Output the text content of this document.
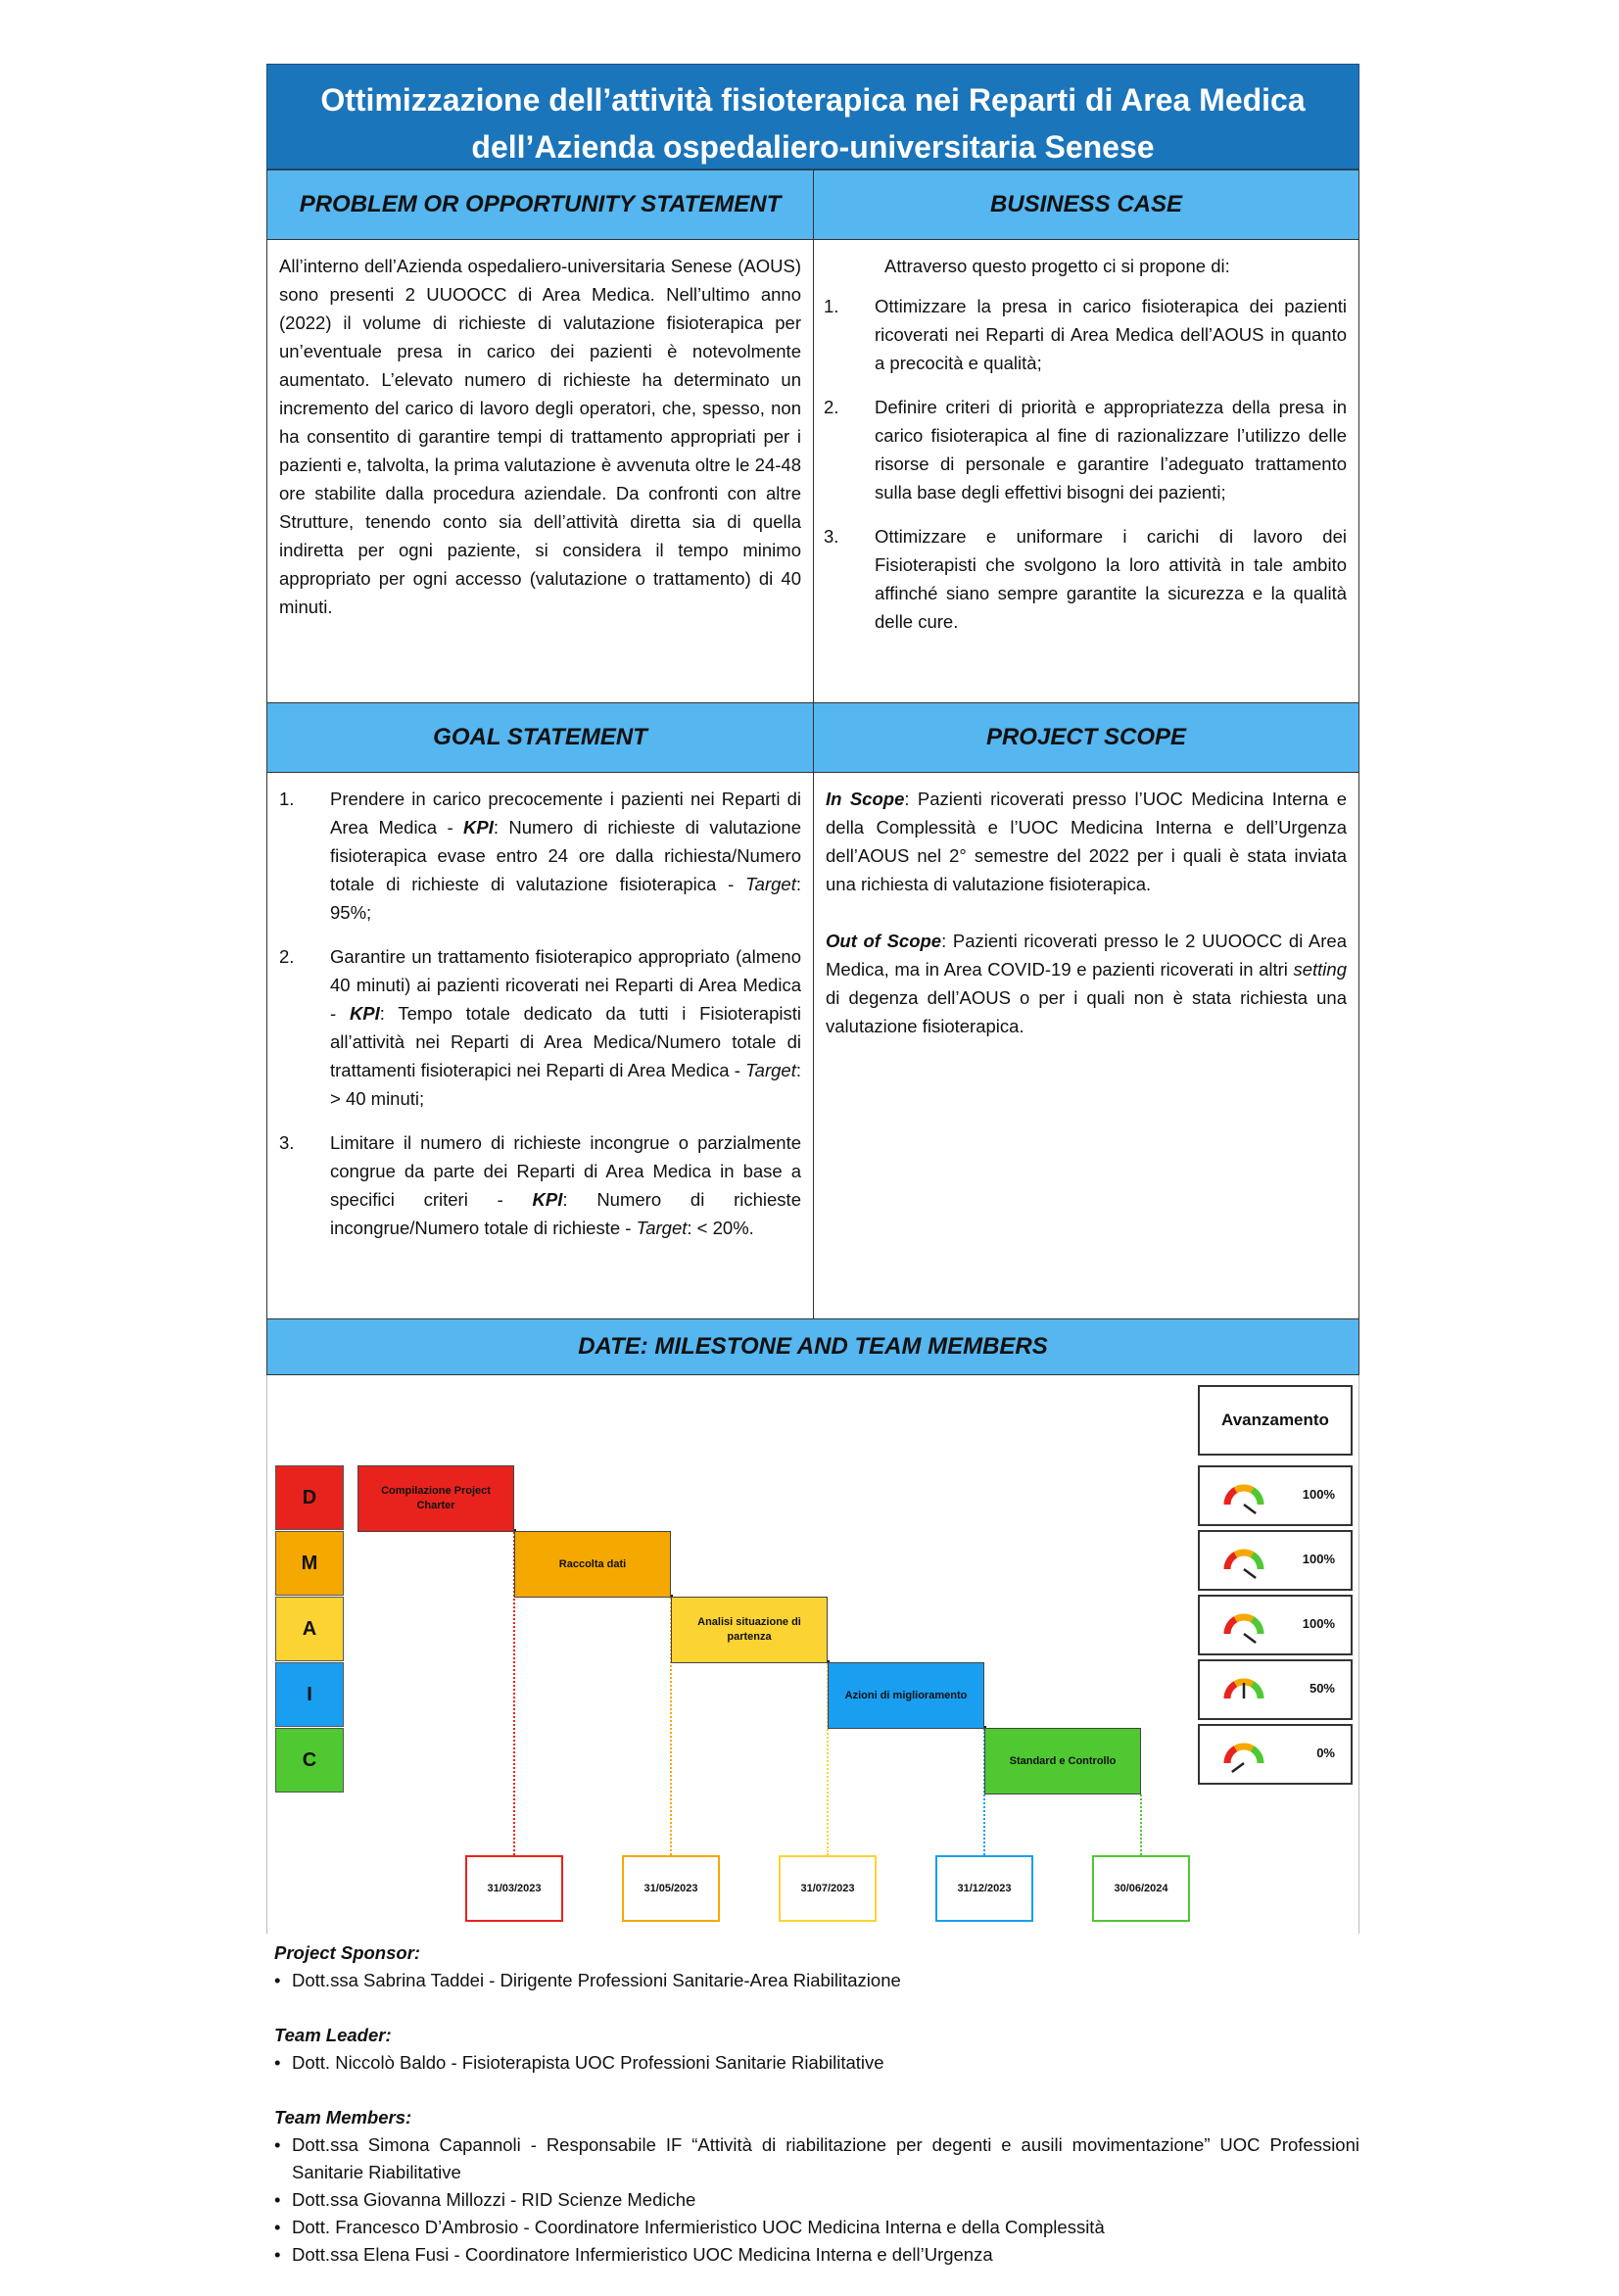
Ottimizzazione dell’attività fisioterapica nei Reparti di Area Medica
dell’Azienda ospedaliero-universitaria Senese
PROBLEM OR OPPORTUNITY STATEMENT

All’interno dell’Azienda ospedaliero-universitaria Senese (AOUS) sono presenti 2 UUOOCC di Area Medica. Nell’ultimo anno (2022) il volume di richieste di valutazione fisioterapica per un’eventuale presa in carico dei pazienti è notevolmente aumentato. L’elevato numero di richieste ha determinato un incremento del carico di lavoro degli operatori, che, spesso, non ha consentito di garantire tempi di trattamento appropriati per i pazienti e, talvolta, la prima valutazione è avvenuta oltre le 24-48 ore stabilite dalla procedura aziendale. Da confronti con altre Strutture, tenendo conto sia dell’attività diretta sia di quella indiretta per ogni paziente, si considera il tempo minimo appropriato per ogni accesso (valutazione o trattamento) di 40 minuti.

BUSINESS CASE

Attraverso questo progetto ci si propone di:

1.	Ottimizzare la presa in carico fisioterapica dei pazienti ricoverati nei Reparti di Area Medica dell’AOUS in quanto a precocità e qualità;
2.	Definire criteri di priorità e appropriatezza della presa in carico fisioterapica al fine di razionalizzare l’utilizzo delle risorse di personale e garantire l’adeguato trattamento sulla base degli effettivi bisogni dei pazienti;
3.	Ottimizzare e uniformare i carichi di lavoro dei Fisioterapisti che svolgono la loro attività in tale ambito affinché siano sempre garantite la sicurezza e la qualità delle cure.
GOAL STATEMENT
1.	Prendere in carico precocemente i pazienti nei Reparti di Area Medica - KPI: Numero di richieste di valutazione fisioterapica evase entro 24 ore dalla richiesta/Numero totale di richieste di valutazione fisioterapica - Target: 95%;
2.	Garantire un trattamento fisioterapico appropriato (almeno 40 minuti) ai pazienti ricoverati nei Reparti di Area Medica - KPI: Tempo totale dedicato da tutti i Fisioterapisti all’attività nei Reparti di Area Medica/Numero totale di trattamenti fisioterapici nei Reparti di Area Medica - Target: > 40 minuti;
3.	Limitare il numero di richieste incongrue o parzialmente congrue da parte dei Reparti di Area Medica in base a specifici criteri - KPI: Numero di richieste incongrue/Numero totale di richieste - Target: < 20%.
PROJECT SCOPE

In Scope: Pazienti ricoverati presso l’UOC Medicina Interna e della Complessità e l’UOC Medicina Interna e dell’Urgenza dell’AOUS nel 2° semestre del 2022 per i quali è stata inviata una richiesta di valutazione fisioterapica.

Out of Scope: Pazienti ricoverati presso le 2 UUOOCC di Area Medica, ma in Area COVID-19 e pazienti ricoverati in altri setting di degenza dell’AOUS o per i quali non è stata richiesta una valutazione fisioterapica.

DATE: MILESTONE AND TEAM MEMBERS
Avanzamento
D
M
A
I
C
Compilazione Project Charter
31/03/2023
Raccolta dati
31/05/2023
Analisi situazione di partenza
31/07/2023
Azioni di miglioramento
31/12/2023
Standard e Controllo
30/06/2024
100%
100%
100%
50%
0%
Project Sponsor:
• Dott.ssa Sabrina Taddei - Dirigente Professioni Sanitarie-Area Riabilitazione
Team Leader:
• Dott. Niccolò Baldo - Fisioterapista UOC Professioni Sanitarie Riabilitative
Team Members:
• Dott.ssa Simona Capannoli - Responsabile IF “Attività di riabilitazione per degenti e ausili movimentazione” UOC Professioni Sanitarie Riabilitative
• Dott.ssa Giovanna Millozzi - RID Scienze Mediche
• Dott. Francesco D’Ambrosio - Coordinatore Infermieristico UOC Medicina Interna e della Complessità
• Dott.ssa Elena Fusi - Coordinatore Infermieristico UOC Medicina Interna e dell’Urgenza
